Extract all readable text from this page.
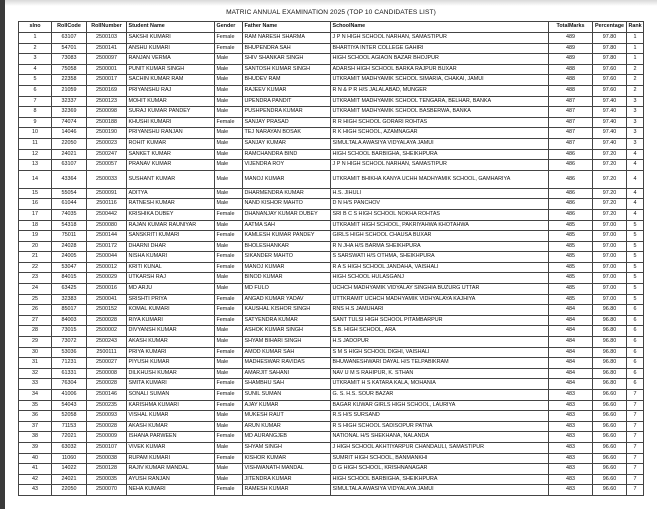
MATRIC ANNUAL EXAMINATION 2025 (TOP 10 CANDIDATES LIST)
slno	RollCode	RollNumber	Student Name	Gender	Father Name	SchoolName	TotalMarks	Percentage	Rank
1	63107	2500103	SAKSHI KUMARI	Female	RAM NARESH SHARMA	J P N HIGH SCHOOL NARHAN, SAMASTIPUR	489	97.80	1
2	54701	2500141	ANSHU KUMARI	Female	BHUPENDRA SAH	BHARTIYA INTER COLLEGE GAHIRI	489	97.80	1
3	73083	2500097	RANJAN VERMA	Male	SHIV SHANKAR SINGH	HIGH SCHOOL AGIAON BAZAR BHOJPUR	489	97.80	1
4	75058	2500001	PUNIT KUMAR SINGH	Male	SANTOSH KUMAR SINGH	ADARSH HIGH SCHOOL BARKA RAJPUR BUXAR	488	97.60	2
5	22358	2500017	SACHIN KUMAR RAM	Male	BHUDEV RAM	UTKRAMIT MADHYAMIK SCHOOL SIMARIA, CHAKAI, JAMUI	488	97.60	2
6	21059	2500169	PRIYANSHU RAJ	Male	RAJEEV KUMAR	R N & P R H/S JALALABAD, MUNGER	488	97.60	2
7	32337	2500123	MOHIT KUMAR	Male	UPENDRA PANDIT	UTKRAMIT MADHYAMIK SCHOOL TENGARA, BELHAR, BANKA	487	97.40	3
8	32369	2500098	SURAJ KUMAR PANDEY	Male	PUSHPENDRA KUMAR	UTKRAMIT MADHYAMIK SCHOOL BASBERWA, BANKA	487	97.40	3
9	74074	2500188	KHUSHI KUMARI	Female	SANJAY PRASAD	R R HIGH SCHOOL GORARI ROHTAS	487	97.40	3
10	14046	2500190	PRIYANSHU RANJAN	Male	TEJ NARAYAN BOSAK	R K HIGH SCHOOL, AZAMNAGAR	487	97.40	3
11	22050	2500023	ROHIT KUMAR	Male	SANJAY KUMAR	SIMULTALA AWASIYA VIDYALAYA JAMUI	487	97.40	3
12	24021	2500247	SANKET KUMAR	Male	RAMCHANDRA BIND	HIGH SCHOOL BARBIGHA, SHEIKHPURA	486	97.20	4
13	63107	2500057	PRANAV KUMAR	Male	VIJENDRA ROY	J P N HIGH SCHOOL NARHAN, SAMASTIPUR	486	97.20	4
14	43364	2500033	SUSHANT KUMAR	Male	MANOJ KUMAR	UTKRAMIT BHIKHA KANYA UCHH MADHYAMIK SCHOOL, GAMHARIYA	486	97.20	4
15	55054	2500091	ADITYA	Male	DHARMENDRA KUMAR	H.S. JIHULI	486	97.20	4
16	61044	2500116	RATNESH KUMAR	Male	NAND KISHOR MAHTO	D N H/S PANCHOV	486	97.20	4
17	74035	2500442	KRISHIKA DUBEY	Female	DHANANJAY KUMAR DUBEY	SRI B C S HIGH SCHOOL NOKHA ROHTAS	486	97.20	4
18	54318	2500080	RAJAN KUMAR RAUNIYAR	Male	AATMA SAH	UTKRAMIT HIGH SCHOOL, PAKRIYAHWA KHOTAHWA	485	97.00	5
19	75011	2500144	SANSKRITI KUMARI	Female	KAMLESH KUMAR PANDEY	GIRLS HIGH SCHOOL CHAUSA BUXAR	485	97.00	5
20	24028	2500172	DHARNI DHAR	Male	BHOLESHANKAR	R N JHA H/S BARMA SHEIKHPURA	485	97.00	5
21	24005	2500044	NISHA KUMARI	Female	SIKANDER MAHTO	S SARSWATI H/S OTHMA, SHEIKHPURA	485	97.00	5
22	53047	2500012	KRITI KUNAL	Female	MANOJ KUMAR	R A S HIGH SCHOOL JANDAHA, VAISHALI	485	97.00	5
23	84015	2500029	UTKARSH RAJ	Male	BINOD KUMAR	HIGH SCHOOL HULASGANJ	485	97.00	5
24	63425	2500016	MD ARJU	Male	MD FULO	UCHCH MADHYAMIK VIDYALAY SINGHIA BUZURG UTTAR	485	97.00	5
25	32383	2500041	SRISHTI PRIYA	Female	ANGAD KUMAR YADAV	UTTKRAMIT UCHCH MADHYAMIK VIDHYALAYA KAJHIYA	485	97.00	5
26	85017	2500152	KOMAL KUMARI	Female	KAUSHAL KISHOR SINGH	RNS H.S JAMUHARI	484	96.80	6
27	84003	2500028	RIYA KUMARI	Female	SATYENDRA KUMAR	SANT TULSI HIGH SCHOOL PITAMBARPUR	484	96.80	6
28	73015	2500002	DIVYANSH KUMAR	Male	ASHOK KUMAR SINGH	S.B. HIGH SCHOOL, ARA	484	96.80	6
29	73072	2500243	AKASH KUMAR	Male	SHYAM BIHARI SINGH	H.S JADOPUR	484	96.80	6
30	53036	2500111	PRIYA KUMARI	Female	AMOD KUMAR SAH	S M S HIGH SCHOOL DIGHI, VAISHALI	484	96.80	6
31	71231	2500027	PIYUSH KUMAR	Male	MADHESWAR RAVIDAS	BHUWANESHWARI DAYAL H/S TELPABIKRAM	484	96.80	6
32	61331	2500008	DILKHUSH KUMAR	Male	AMARJIT SAHANI	NAV U M S RAHIPUR, K. STHAN	484	96.80	6
33	76304	2500028	SMITA KUMARI	Female	SHAMBHU SAH	UTKRAMIT H S KATARA KALA, MOHANIA	484	96.80	6
34	41006	2500146	SONALI SUMAN	Female	SUNIL SUMAN	G. S. H.S. SOUR BAZAR	483	96.60	7
35	54043	2500235	KARISHMA KUMARI	Female	AJAY KUMAR	BAGAR KUWAR GIRLS HIGH SCHOOL, LAURIYA	483	96.60	7
36	52058	2500093	VISHAL KUMAR	Male	MUKESH RAUT	R.S H/S SURSAND	483	96.60	7
37	71153	2500028	AKASH KUMAR	Male	ARUN KUMAR	R S HIGH SCHOOL SADISOPUR PATNA	483	96.60	7
38	72021	2500009	ISHANA PARWEEN	Female	MD AURANGJEB	NATIONAL H/S SHEKHANA, NALANDA	483	96.60	7
39	63032	2500107	VIVEK KUMAR	Male	SHYAM SINGH	J HIGH SCHOOL AKHTIYARPUR CHANDAULI, SAMASTIPUR	483	96.60	7
40	11060	2500038	RUPAM KUMARI	Female	KISHOR KUMAR	SUMRIT HIGH SCHOOL, BANMANKHI	483	96.60	7
41	14022	2500128	RAJIV KUMAR MANDAL	Male	VISHWANATH MANDAL	D G HIGH SCHOOL, KRISHNANAGAR	483	96.60	7
42	24021	2500035	AYUSH RANJAN	Male	JITENDRA KUMAR	HIGH SCHOOL BARBIGHA, SHEIKHPURA	483	96.60	7
43	22050	2500070	NEHA KUMARI	Female	RAMESH KUMAR	SIMULTALA AWASIYA VIDYALAYA JAMUI	483	96.60	7
